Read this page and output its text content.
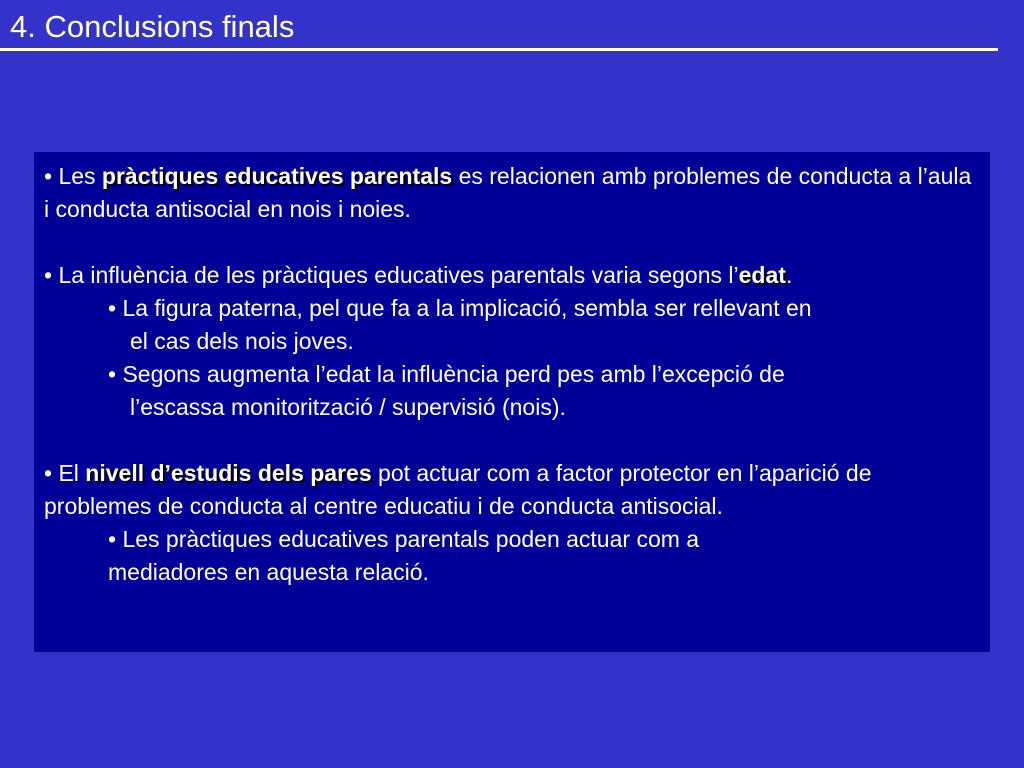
4. Conclusions finals

• Les pràctiques educatives parentals es relacionen amb problemes de conducta a l’aula i conducta antisocial en nois i noies.

• La influència de les pràctiques educatives parentals varia segons l’edat.

• La figura paterna, pel que fa a la implicació, sembla ser rellevant en

el cas dels nois joves.

• Segons augmenta l’edat la influència perd pes amb l’excepció de

l’escassa monitorització / supervisió (nois).

• El nivell d’estudis dels pares pot actuar com a factor protector en l’aparició de problemes de conducta al centre educatiu i de conducta antisocial.

• Les pràctiques educatives parentals poden actuar com a

mediadores en aquesta relació.
